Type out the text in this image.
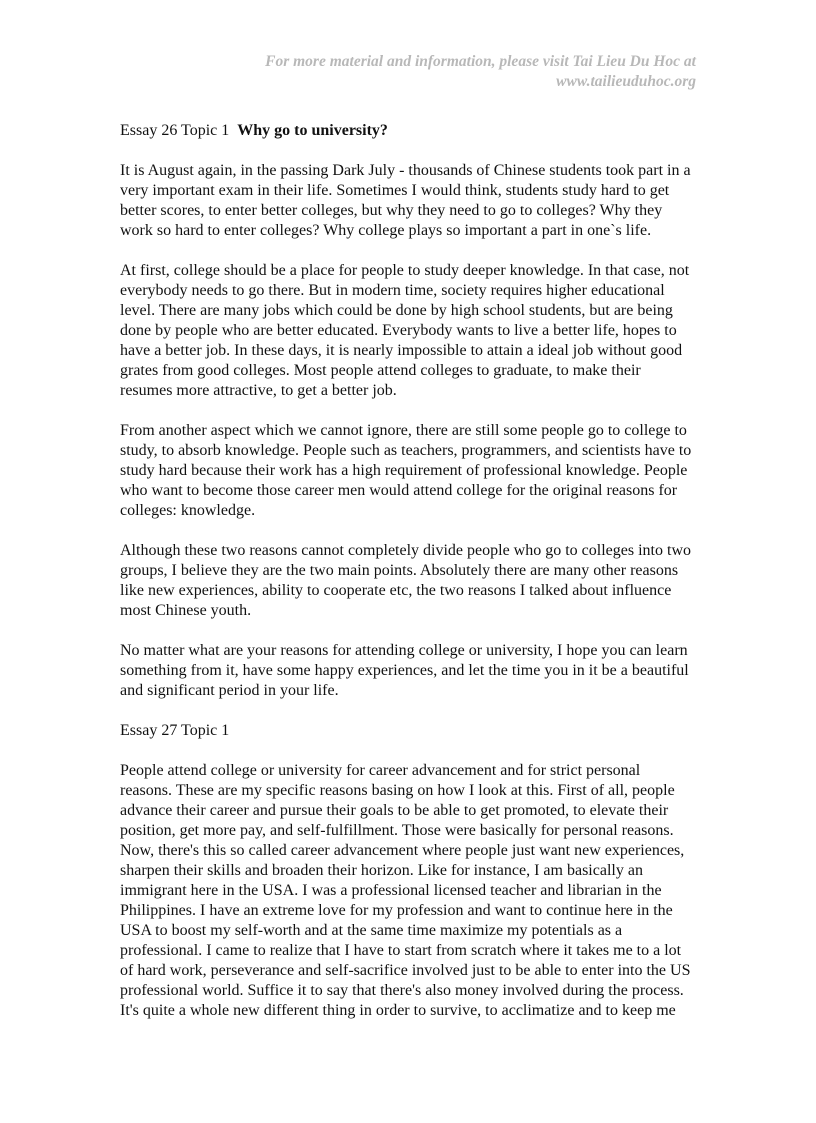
For more material and information, please visit Tai Lieu Du Hoc at
www.tailieuduhoc.org

Essay 26 Topic 1 Why go to university?

It is August again, in the passing Dark July - thousands of Chinese students took part in a
very important exam in their life. Sometimes I would think, students study hard to get
better scores, to enter better colleges, but why they need to go to colleges? Why they
work so hard to enter colleges? Why college plays so important a part in one`s life.

At first, college should be a place for people to study deeper knowledge. In that case, not
everybody needs to go there. But in modern time, society requires higher educational
level. There are many jobs which could be done by high school students, but are being
done by people who are better educated. Everybody wants to live a better life, hopes to
have a better job. In these days, it is nearly impossible to attain a ideal job without good
grates from good colleges. Most people attend colleges to graduate, to make their
resumes more attractive, to get a better job.

From another aspect which we cannot ignore, there are still some people go to college to
study, to absorb knowledge. People such as teachers, programmers, and scientists have to
study hard because their work has a high requirement of professional knowledge. People
who want to become those career men would attend college for the original reasons for
colleges: knowledge.

Although these two reasons cannot completely divide people who go to colleges into two
groups, I believe they are the two main points. Absolutely there are many other reasons
like new experiences, ability to cooperate etc, the two reasons I talked about influence
most Chinese youth.

No matter what are your reasons for attending college or university, I hope you can learn
something from it, have some happy experiences, and let the time you in it be a beautiful
and significant period in your life.

Essay 27 Topic 1

People attend college or university for career advancement and for strict personal
reasons. These are my specific reasons basing on how I look at this. First of all, people
advance their career and pursue their goals to be able to get promoted, to elevate their
position, get more pay, and self-fulfillment. Those were basically for personal reasons.
Now, there's this so called career advancement where people just want new experiences,
sharpen their skills and broaden their horizon. Like for instance, I am basically an
immigrant here in the USA. I was a professional licensed teacher and librarian in the
Philippines. I have an extreme love for my profession and want to continue here in the
USA to boost my self-worth and at the same time maximize my potentials as a
professional. I came to realize that I have to start from scratch where it takes me to a lot
of hard work, perseverance and self-sacrifice involved just to be able to enter into the US
professional world. Suffice it to say that there's also money involved during the process.
It's quite a whole new different thing in order to survive, to acclimatize and to keep me
